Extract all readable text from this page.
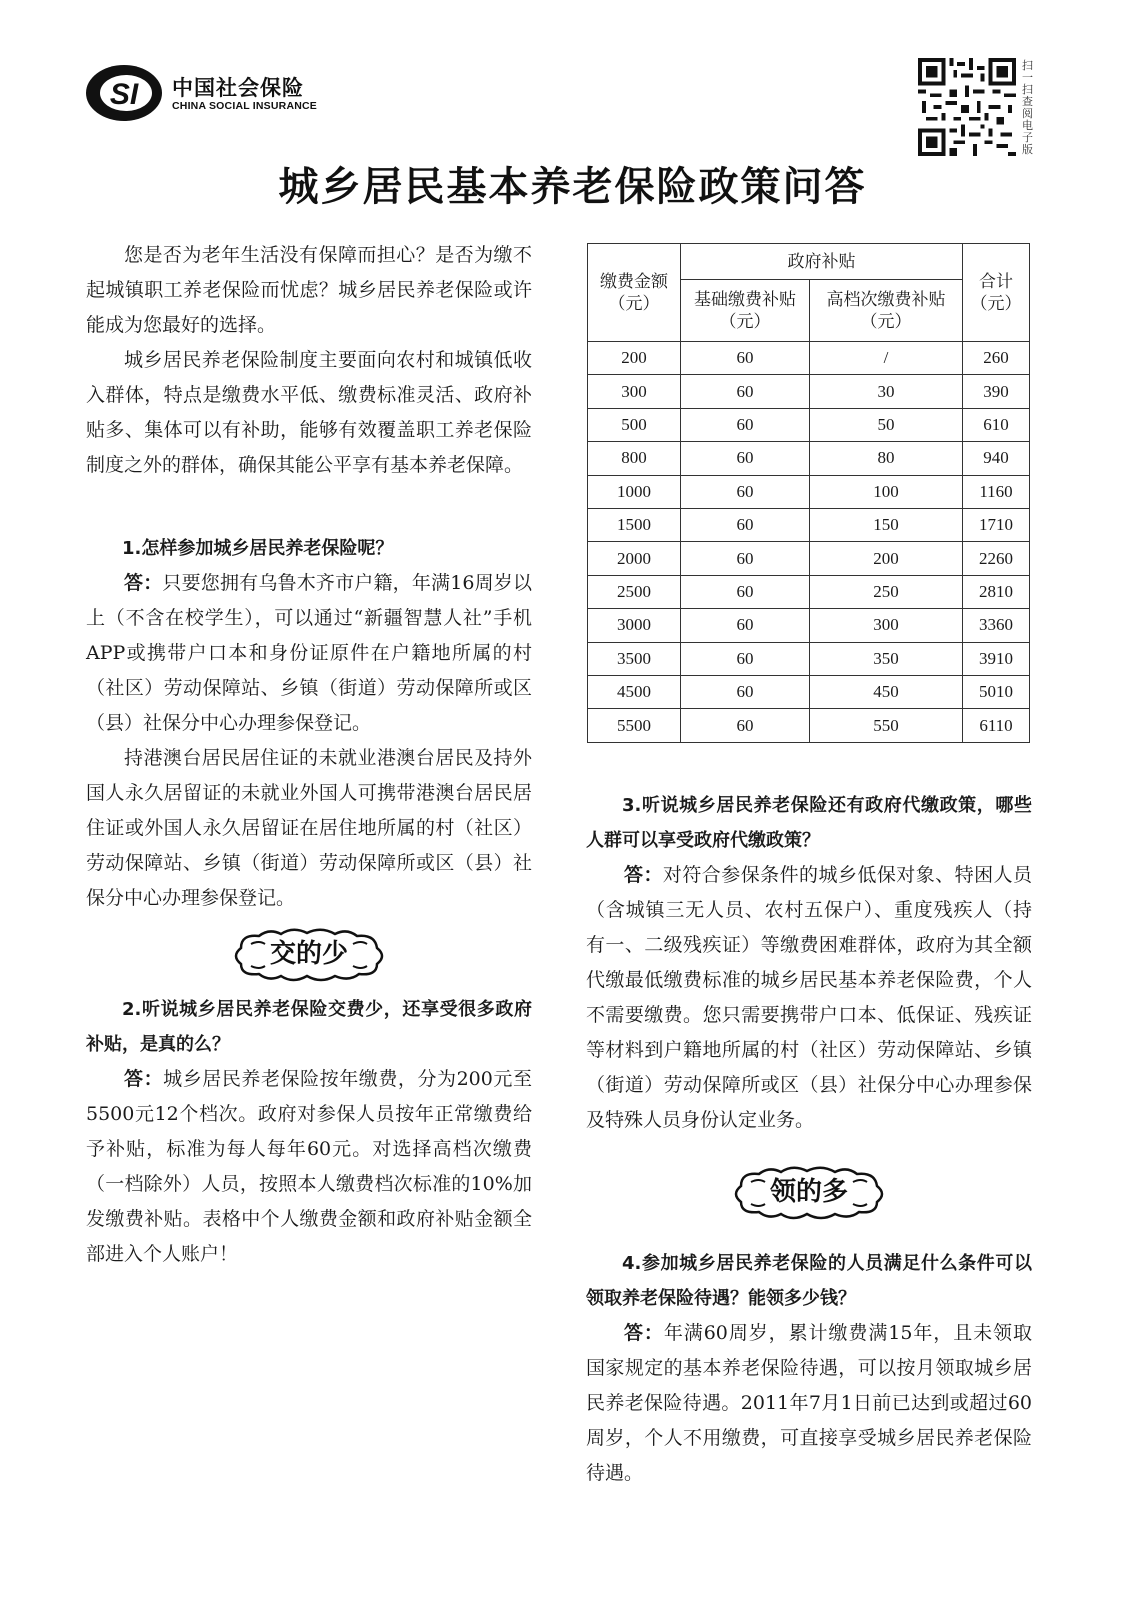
SI 中国社会保险
CHINA SOCIAL INSURANCE
扫一扫查阅电子版
城乡居民基本养老保险政策问答

您是否为老年生活没有保障而担心？是否为缴不起城镇职工养老保险而忧虑？城乡居民养老保险或许能成为您最好的选择。

城乡居民养老保险制度主要面向农村和城镇低收入群体，特点是缴费水平低、缴费标准灵活、政府补贴多、集体可以有补助，能够有效覆盖职工养老保险制度之外的群体，确保其能公平享有基本养老保障。

1.怎样参加城乡居民养老保险呢？

答：只要您拥有乌鲁木齐市户籍，年满16周岁以上（不含在校学生），可以通过“新疆智慧人社”手机APP或携带户口本和身份证原件在户籍地所属的村（社区）劳动保障站、乡镇（街道）劳动保障所或区（县）社保分中心办理参保登记。

持港澳台居民居住证的未就业港澳台居民及持外国人永久居留证的未就业外国人可携带港澳台居民居住证或外国人永久居留证在居住地所属的村（社区）劳动保障站、乡镇（街道）劳动保障所或区（县）社保分中心办理参保登记。

交的少

2.听说城乡居民养老保险交费少，还享受很多政府补贴，是真的么？

答：城乡居民养老保险按年缴费，分为200元至5500元12个档次。政府对参保人员按年正常缴费给予补贴，标准为每人每年60元。对选择高档次缴费（一档除外）人员，按照本人缴费档次标准的10%加发缴费补贴。表格中个人缴费金额和政府补贴金额全部进入个人账户！

缴费金额（元）	政府补贴		合计（元）
	基础缴费补贴（元）	高档次缴费补贴（元）	
200	60	/	260
300	60	30	390
500	60	50	610
800	60	80	940
1000	60	100	1160
1500	60	150	1710
2000	60	200	2260
2500	60	250	2810
3000	60	300	3360
3500	60	350	3910
4500	60	450	5010
5500	60	550	6110

3.听说城乡居民养老保险还有政府代缴政策，哪些人群可以享受政府代缴政策？

答：对符合参保条件的城乡低保对象、特困人员（含城镇三无人员、农村五保户）、重度残疾人（持有一、二级残疾证）等缴费困难群体，政府为其全额代缴最低缴费标准的城乡居民基本养老保险费，个人不需要缴费。您只需要携带户口本、低保证、残疾证等材料到户籍地所属的村（社区）劳动保障站、乡镇（街道）劳动保障所或区（县）社保分中心办理参保及特殊人员身份认定业务。

领的多

4.参加城乡居民养老保险的人员满足什么条件可以领取养老保险待遇？能领多少钱？

答：年满60周岁，累计缴费满15年，且未领取国家规定的基本养老保险待遇，可以按月领取城乡居民养老保险待遇。2011年7月1日前已达到或超过60周岁，个人不用缴费，可直接享受城乡居民养老保险待遇。
